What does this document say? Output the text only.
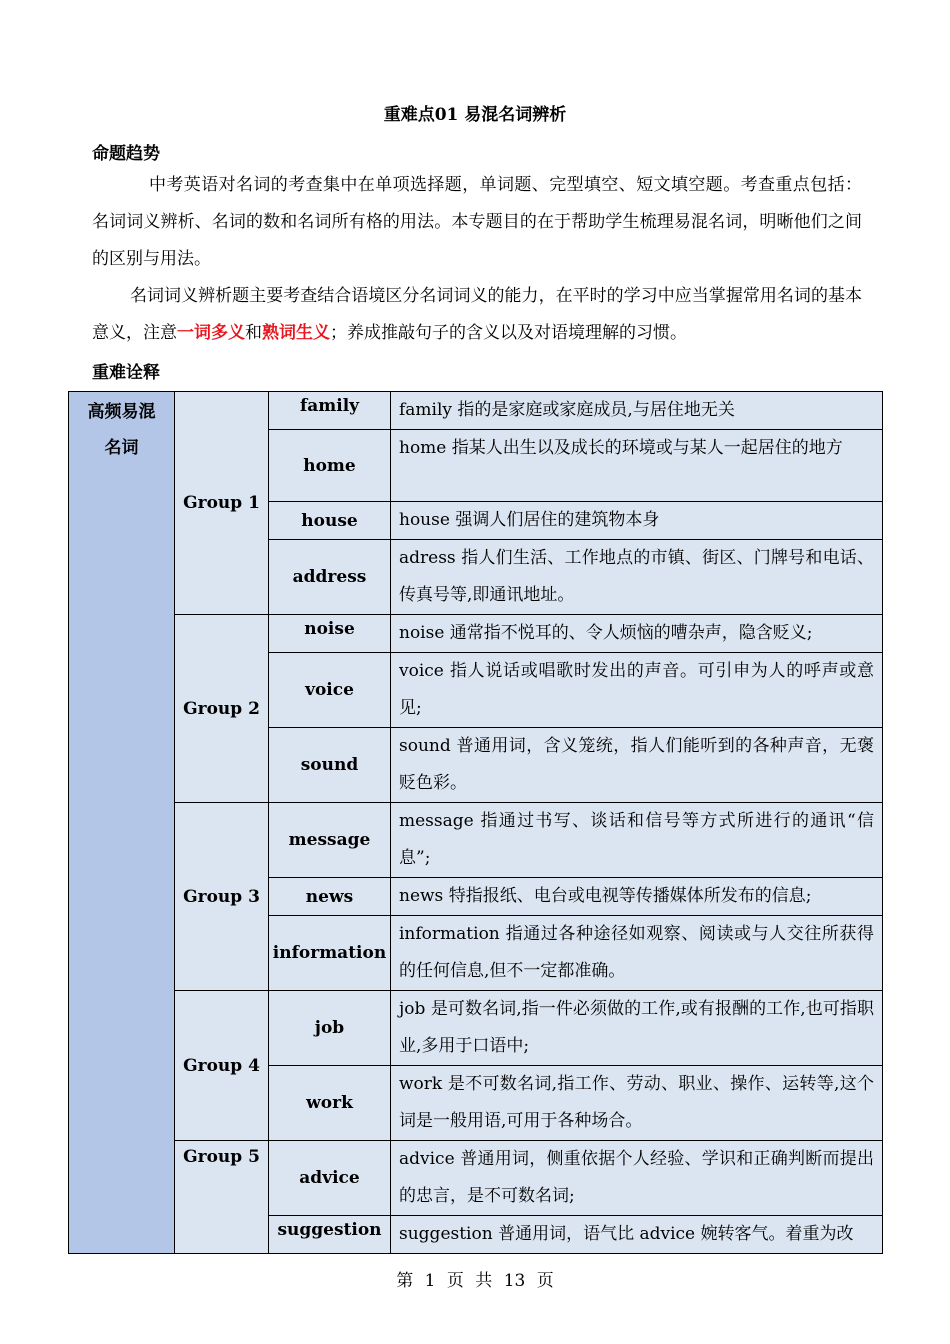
重难点01 易混名词辨析
命题趋势
中考英语对名词的考查集中在单项选择题，单词题、完型填空、短文填空题。考查重点包括：名词词义辨析、名词的数和名词所有格的用法。本专题目的在于帮助学生梳理易混名词，明晰他们之间的区别与用法。
名词词义辨析题主要考查结合语境区分名词词义的能力，在平时的学习中应当掌握常用名词的基本意义，注意一词多义和熟词生义；养成推敲句子的含义以及对语境理解的习惯。
重难诠释
高频易混名词	Group 1	family	family 指的是家庭或家庭成员,与居住地无关
		home	home 指某人出生以及成长的环境或与某人一起居住的地方
		house	house 强调人们居住的建筑物本身
		address	adress 指人们生活、工作地点的市镇、街区、门牌号和电话、传真号等,即通讯地址。
	Group 2	noise	noise 通常指不悦耳的、令人烦恼的嘈杂声，隐含贬义;
		voice	voice 指人说话或唱歌时发出的声音。可引申为人的呼声或意见;
		sound	sound 普通用词，含义笼统，指人们能听到的各种声音，无褒贬色彩。
	Group 3	message	message 指通过书写、谈话和信号等方式所进行的通讯“信息”;
		news	news 特指报纸、电台或电视等传播媒体所发布的信息;
		information	information 指通过各种途径如观察、阅读或与人交往所获得的任何信息,但不一定都准确。
	Group 4	job	job 是可数名词,指一件必须做的工作,或有报酬的工作,也可指职业,多用于口语中;
		work	work 是不可数名词,指工作、劳动、职业、操作、运转等,这个词是一般用语,可用于各种场合。
	Group 5	advice	advice 普通用词，侧重依据个人经验、学识和正确判断而提出的忠言，是不可数名词;
		suggestion	suggestion 普通用词，语气比 advice 婉转客气。着重为改
第 1 页 共 13 页
